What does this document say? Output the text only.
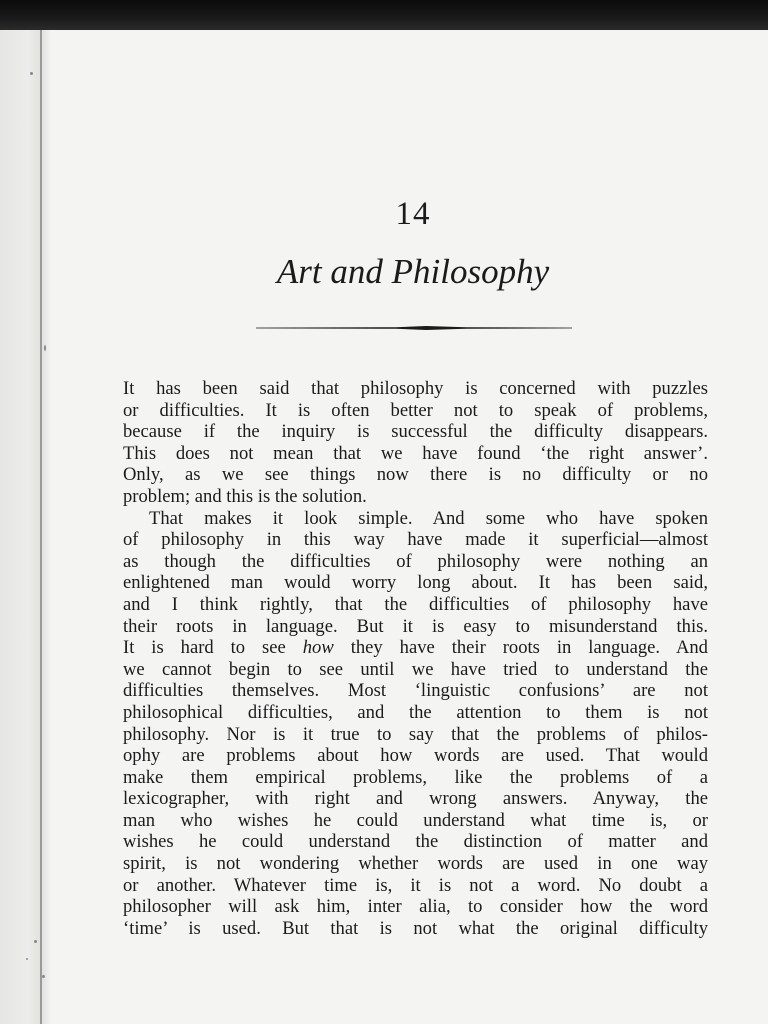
14
Art and Philosophy
It has been said that philosophy is concerned with puzzles
or difficulties. It is often better not to speak of problems,
because if the inquiry is successful the difficulty disappears.
This does not mean that we have found ‘the right answer’.
Only, as we see things now there is no difficulty or no
problem; and this is the solution.
That makes it look simple. And some who have spoken
of philosophy in this way have made it superficial—almost
as though the difficulties of philosophy were nothing an
enlightened man would worry long about. It has been said,
and I think rightly, that the difficulties of philosophy have
their roots in language. But it is easy to misunderstand this.
It is hard to see how they have their roots in language. And
we cannot begin to see until we have tried to understand the
difficulties themselves. Most ‘linguistic confusions’ are not
philosophical difficulties, and the attention to them is not
philosophy. Nor is it true to say that the problems of philos-
ophy are problems about how words are used. That would
make them empirical problems, like the problems of a
lexicographer, with right and wrong answers. Anyway, the
man who wishes he could understand what time is, or
wishes he could understand the distinction of matter and
spirit, is not wondering whether words are used in one way
or another. Whatever time is, it is not a word. No doubt a
philosopher will ask him, inter alia, to consider how the word
‘time’ is used. But that is not what the original difficulty
